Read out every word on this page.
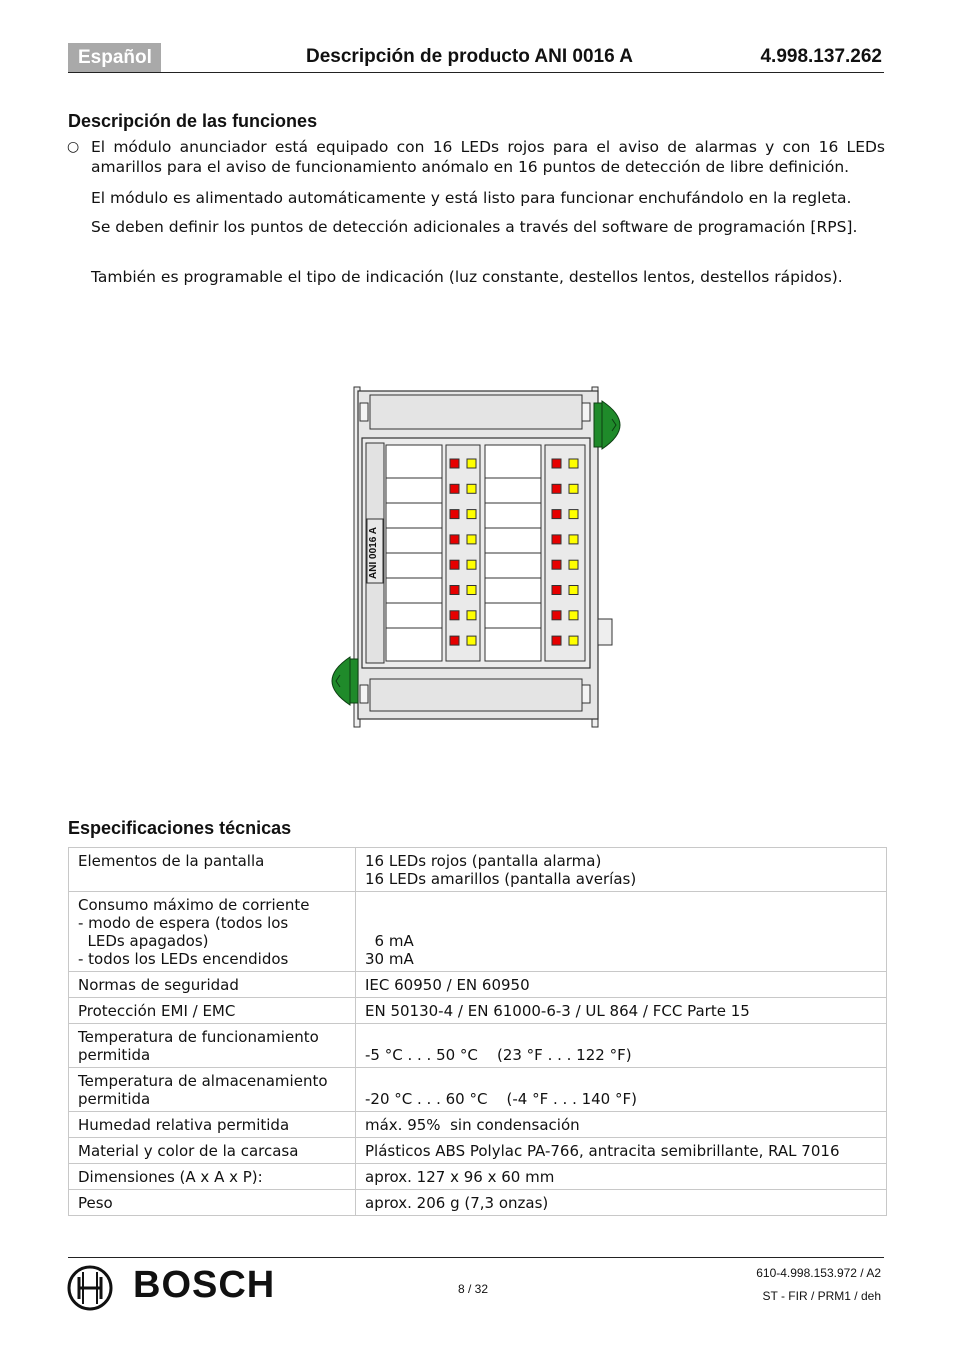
Español	Descripción de producto ANI 0016 A	4.998.137.262
Descripción de las funciones
○ El módulo anunciador está equipado con 16 LEDs rojos para el aviso de alarmas y con 16 LEDs amarillos para el aviso de funcionamiento anómalo en 16 puntos de detección de libre definición.

El módulo es alimentado automáticamente y está listo para funcionar enchufándolo en la regleta.

Se deben definir los puntos de detección adicionales a través del software de programación [RPS].

También es programable el tipo de indicación (luz constante, destellos lentos, destellos rápidos).

ANI 0016 A
Especificaciones técnicas
Elementos de la pantalla	16 LEDs rojos (pantalla alarma)
16 LEDs amarillos (pantalla averías)

Consumo máximo de corriente
- modo de espera (todos los
LEDs apagados)
- todos los LEDs encendidos	6 mA
30 mA

Normas de seguridad	IEC 60950 / EN 60950

Protección EMI / EMC	EN 50130-4 / EN 61000-6-3 / UL 864 / FCC Parte 15

Temperatura de funcionamiento
permitida	-5 °C . . . 50 °C    (23 °F . . . 122 °F)

Temperatura de almacenamiento
permitida	-20 °C . . . 60 °C    (-4 °F . . . 140 °F)

Humedad relativa permitida	máx. 95%  sin condensación

Material y color de la carcasa	Plásticos ABS Polylac PA-766, antracita semibrillante, RAL 7016

Dimensiones (A x A x P):	aprox. 127 x 96 x 60 mm

Peso	aprox. 206 g (7,3 onzas)
BOSCH	8 / 32
610-4.998.153.972 / A2
ST - FIR / PRM1 / deh
